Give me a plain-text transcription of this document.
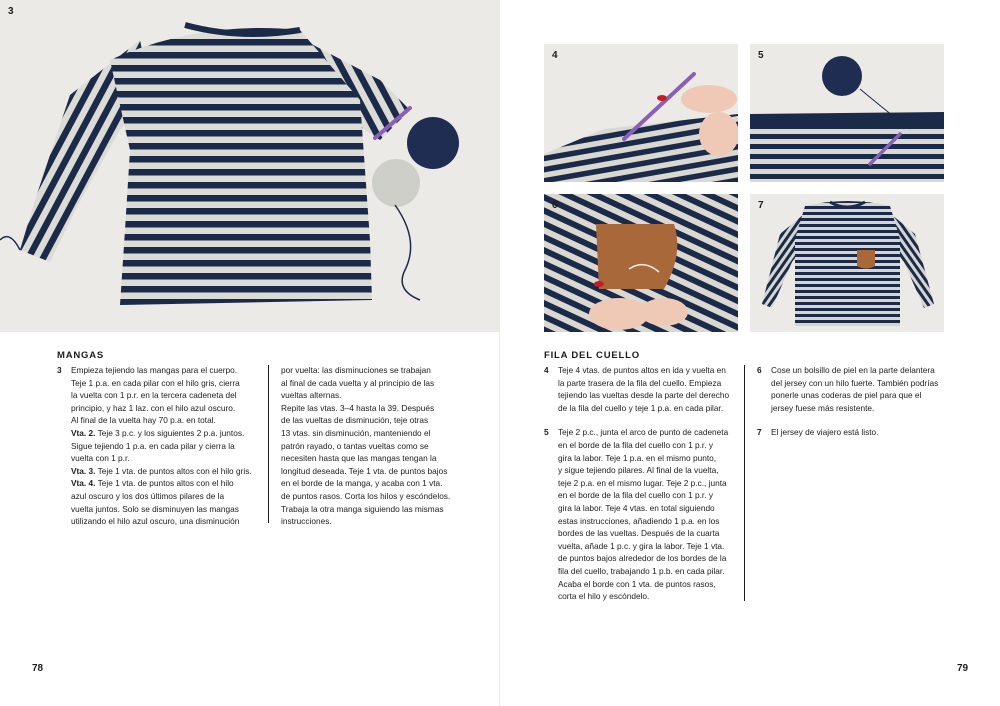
3
MANGAS
3 Empieza tejiendo las mangas para el cuerpo.

Teje 1 p.a. en cada pilar con el hilo gris, cierra

la vuelta con 1 p.r. en la tercera cadeneta del

principio, y haz 1 laz. con el hilo azul oscuro.

Al final de la vuelta hay 70 p.a. en total.

Vta. 2. Teje 3 p.c. y los siguientes 2 p.a. juntos.

Sigue tejiendo 1 p.a. en cada pilar y cierra la

vuelta con 1 p.r.

Vta. 3. Teje 1 vta. de puntos altos con el hilo gris.

Vta. 4. Teje 1 vta. de puntos altos con el hilo

azul oscuro y los dos últimos pilares de la

vuelta juntos. Solo se disminuyen las mangas

utilizando el hilo azul oscuro, una disminución

por vuelta: las disminuciones se trabajan

al final de cada vuelta y al principio de las

vueltas alternas.

Repite las vtas. 3–4 hasta la 39. Después

de las vueltas de disminución, teje otras

13 vtas. sin disminución, manteniendo el

patrón rayado, o tantas vueltas como se

necesiten hasta que las mangas tengan la

longitud deseada. Teje 1 vta. de puntos bajos

en el borde de la manga, y acaba con 1 vta.

de puntos rasos. Corta los hilos y escóndelos.

Trabaja la otra manga siguiendo las mismas

instrucciones.

78
4	5
6	7
FILA DEL CUELLO
4 Teje 4 vtas. de puntos altos en ida y vuelta en

la parte trasera de la fila del cuello. Empieza

tejiendo las vueltas desde la parte del derecho

de la fila del cuello y teje 1 p.a. en cada pilar.

5 Teje 2 p.c., junta el arco de punto de cadeneta

en el borde de la fila del cuello con 1 p.r. y

gira la labor. Teje 1 p.a. en el mismo punto,

y sigue tejiendo pilares. Al final de la vuelta,

teje 2 p.a. en el mismo lugar. Teje 2 p.c., junta

en el borde de la fila del cuello con 1 p.r. y

gira la labor. Teje 4 vtas. en total siguiendo

estas instrucciones, añadiendo 1 p.a. en los

bordes de las vueltas. Después de la cuarta

vuelta, añade 1 p.c. y gira la labor. Teje 1 vta.

de puntos bajos alrededor de los bordes de la

fila del cuello, trabajando 1 p.b. en cada pilar.

Acaba el borde con 1 vta. de puntos rasos,

corta el hilo y escóndelo.

6 Cose un bolsillo de piel en la parte delantera

del jersey con un hilo fuerte. También podrías

ponerle unas coderas de piel para que el

jersey fuese más resistente.

7 El jersey de viajero está listo.

79
